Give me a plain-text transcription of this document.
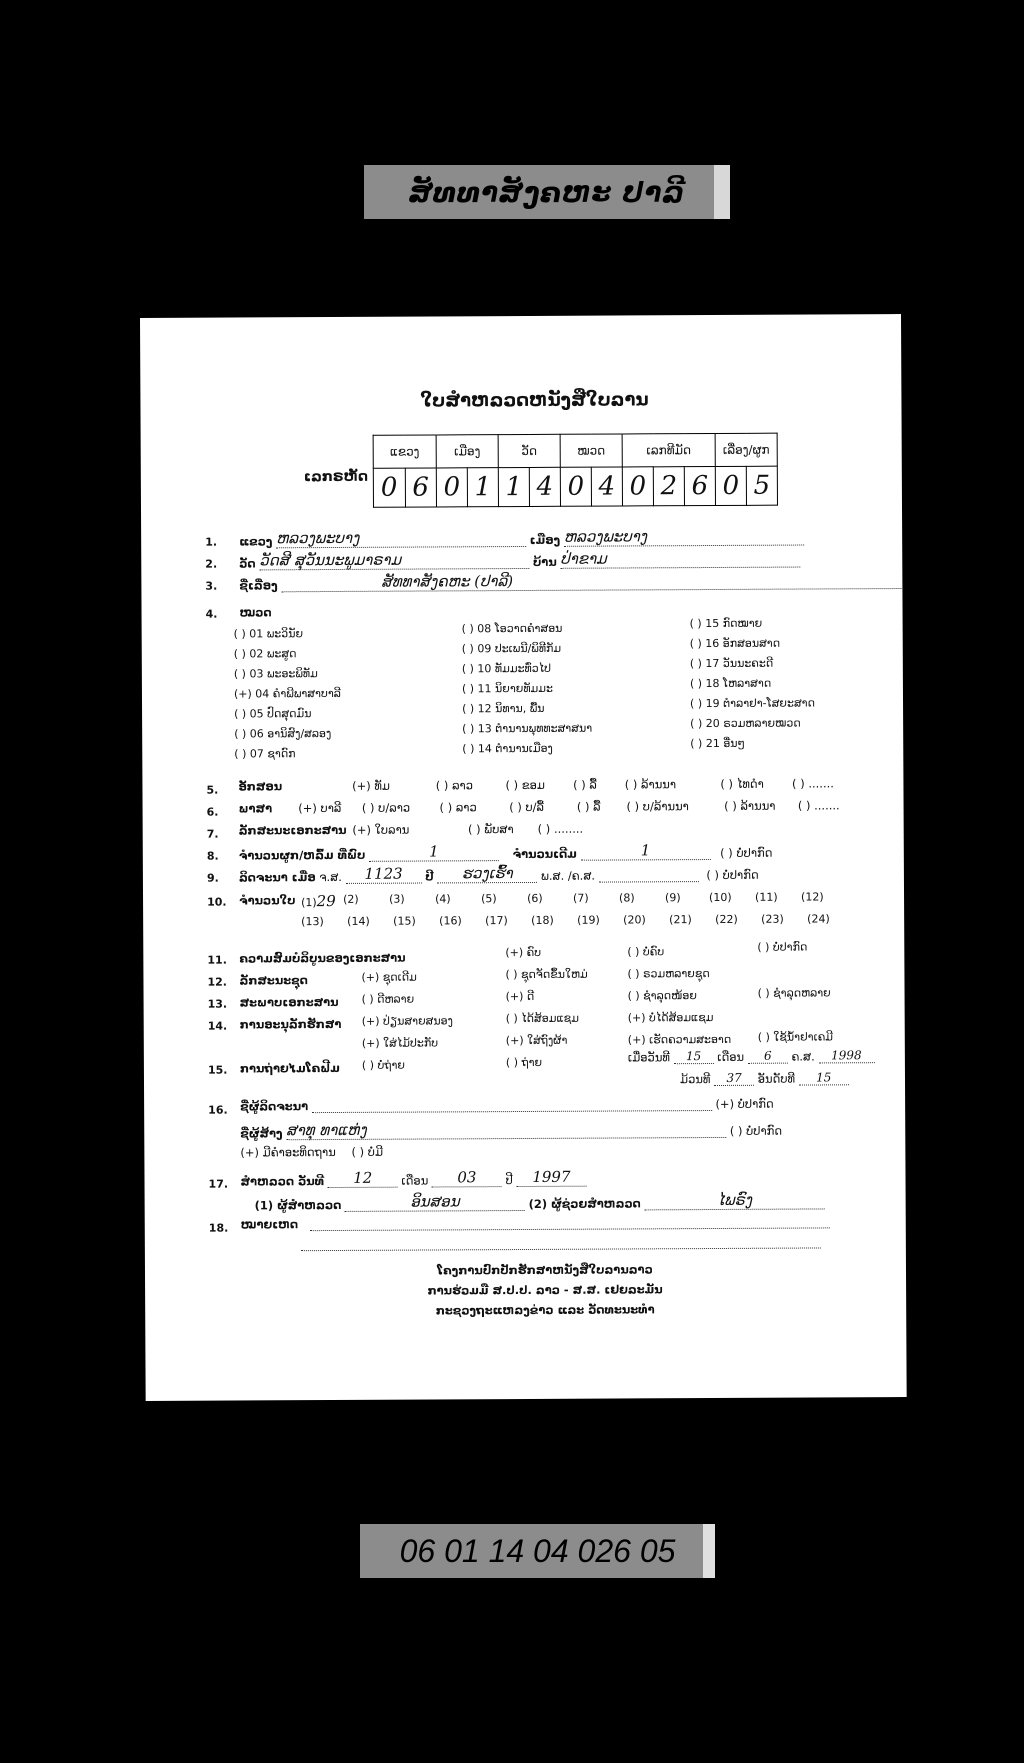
ສັທທາສັງຄຫະ ປາລີ
ໃບສຳຫລວດຫນັງສືໃບລານ
ເລກຣຫັດ
ແຂວງ		ເມືອງ		ວັດ		ໝວດ		ເລກທີມັດ			ເລື່ອງ/ຜູກ	
0	6	0	1	1	4	0	4	0	2	6	0	5
1. ແຂວງ ຫລວງພະບາງ	ເມືອງ ຫລວງພະບາງ
2. ວັດ ວັດສີ ສຸວັນນະພູມາຣາມ	ບ້ານ ປ່າຂາມ
3. ຊື່ເລື່ອງ	ສັທທາສັງຄຫະ (ປາລີ)
4. ໝວດ
( ) 01 ພະວິນັຍ
( ) 02 ພະສູດ
( ) 03 ພະອະພິທັມ
(+) 04 ຄຳພີພາສາບາລີ
( ) 05 ປົດສຸດມົນ
( ) 06 ອານິສົງ/ສລອງ
( ) 07 ຊາດົກ
( ) 08 ໂອວາດຄຳສອນ
( ) 09 ປະເພນີ/ພິທີກັມ
( ) 10 ທັມມະທົ່ວໄປ
( ) 11 ນິຍາຍທັມມະ
( ) 12 ນິທານ, ພື້ນ
( ) 13 ຕຳນານພຸທທະສາສນາ
( ) 14 ຕຳນານເມືອງ
( ) 15 ກົດໝາຍ
( ) 16 ອັກສອນສາດ
( ) 17 ວັນນະຄະດີ
( ) 18 ໂຫລາສາດ
( ) 19 ຕຳລາຢາ-ໂສຍະສາດ
( ) 20 ຣວມຫລາຍໝວດ
( ) 21 ອື່ນໆ
5. ອັກສອນ	(+) ທັມ	( ) ລາວ	( ) ຂອມ ( ) ລື້ ( ) ລ້ານນາ	( ) ໄທດຳ ( ) .......
6. ພາສາ (+) ບາລີ ( ) ບ/ລາວ	( ) ລາວ	( ) ບ/ລື້	( ) ລື້ ( ) ບ/ລ້ານນາ	( ) ລ້ານນາ ( ) .......
7. ລັກສະນະເອກະສານ (+) ໃບລານ	( ) ພັບສາ ( ) ........
8. ຈຳນວນຜູກ/ຫລົ້ມ ທີ່ພົບ	1	ຈຳນວນເດີມ	1	( ) ບໍ່ປາກົດ
9. ລິດຈະນາ ເມື່ອ ຈ.ສ. 1123 ປີ ຮວງເຮົ້າ ພ.ສ. /ຄ.ສ.	( ) ບໍ່ປາກົດ
10. ຈຳນວນໃບ (1)29 (2)	(3)	(4)	(5)	(6)	(7)	(8)	(9)	(10) (11) (12)
(13) (14) (15) (16) (17) (18) (19) (20) (21) (22) (23) (24)
11. ຄວາມສົມບໍລິບູນຂອງເອກະສານ	(+) ຄົບ	( ) ບໍ່ຄົບ	( ) ບໍ່ປາກົດ
12. ລັກສະນະຊຸດ	(+) ຊຸດເດີມ	( ) ຊຸດຈັດຂຶ້ນໃຫມ່	( ) ຣວມຫລາຍຊຸດ
13. ສະພາບເອກະສານ ( ) ດີຫລາຍ	(+) ດີ	( ) ຊຳລຸດໜ້ອຍ	( ) ຊຳລຸດຫລາຍ
14. ການອະນຸລັກຮັກສາ (+) ປ່ຽນສາຍສນອງ	( ) ໄດ້ສ້ອມແຊມ	(+) ບໍ່ໄດ້ສ້ອມແຊມ
(+) ໃສ່ໄມ້ປະກັບ	(+) ໃສ່ຖົງຜ້າ	(+) ເຮັດຄວາມສະອາດ ( ) ໃຊ້ນ້ຳຢາເຄມີ
15. ການຖ່າຍໄມໂຄຟີມ ( ) ບໍ່ຖ່າຍ	( ) ຖ່າຍ	ເມື່ອວັນທີ 15 ເດືອນ 6 ຄ.ສ. 1998
ມ້ວນທີ 37 ອັນດັບທີ 15
16. ຊື່ຜູ້ລິດຈະນາ	(+) ບໍ່ປາກົດ
ຊື່ຜູ້ສ້າງ ສາທຸ ທາແຫ່ງ	( ) ບໍ່ປາກົດ
(+) ມີຄຳອະທິດຖານ ( ) ບໍ່ມີ
17. ສຳຫລວດ ວັນທີ 12	ເດືອນ 03	ປີ 1997
(1) ຜູ້ສຳຫລວດ	ອິນສອນ	(2) ຜູ້ຊ່ວຍສຳຫລວດ	ໄພຣົງ
18. ໝາຍເຫດ
ໂຄງການປົກປັກຮັກສາຫນັງສືໃບລານລາວ
ການຮ່ວມມື ສ.ປ.ປ. ລາວ - ສ.ສ. ເຢຍລະມັນ
ກະຊວງຖະແຫລງຂ່າວ ແລະ ວັດທະນະທຳ
06 01 14 04 026 05
